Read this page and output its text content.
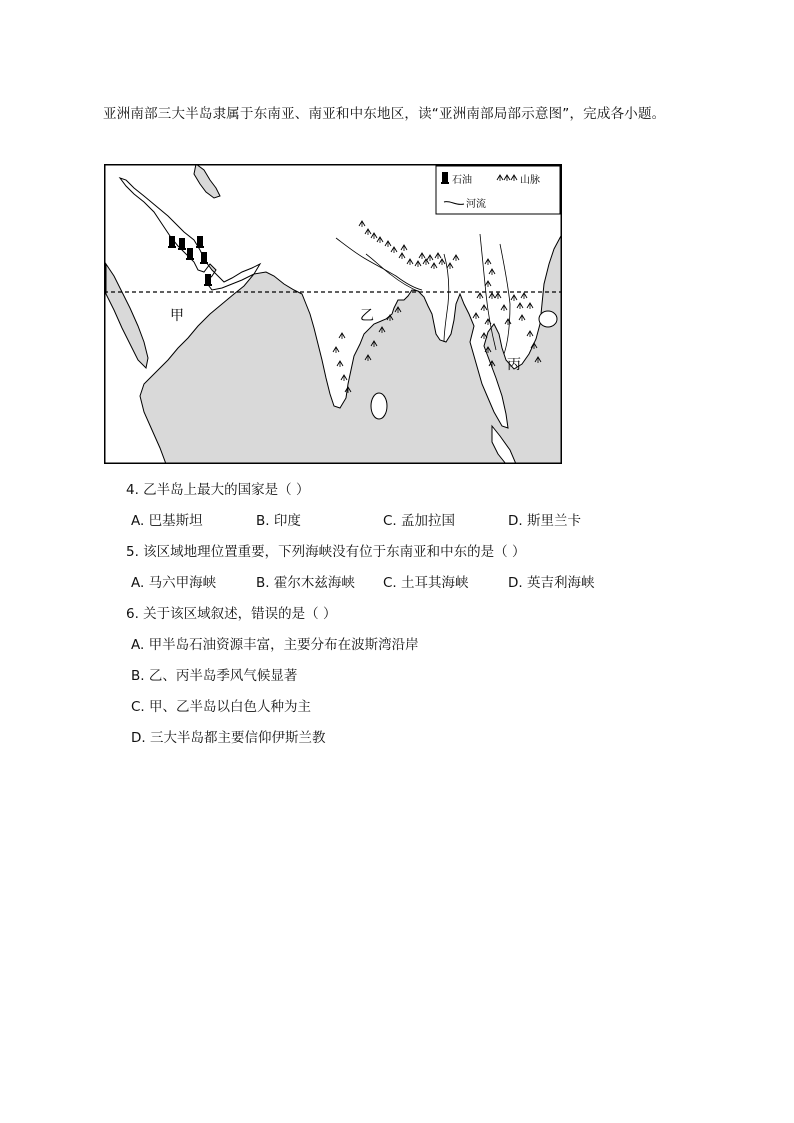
亚洲南部三大半岛隶属于东南亚、南亚和中东地区，读“亚洲南部局部示意图”，完成各小题。
甲	乙
丙
石油	山脉
河流
4. 乙半岛上最大的国家是（ ）
A. 巴基斯坦	B. 印度	C. 孟加拉国	D. 斯里兰卡
5. 该区域地理位置重要，下列海峡没有位于东南亚和中东的是（ ）
A. 马六甲海峡	B. 霍尔木兹海峡 C. 土耳其海峡	D. 英吉利海峡
6. 关于该区域叙述，错误的是（ ）
A. 甲半岛石油资源丰富，主要分布在波斯湾沿岸
B. 乙、丙半岛季风气候显著
C. 甲、乙半岛以白色人种为主
D. 三大半岛都主要信仰伊斯兰教
